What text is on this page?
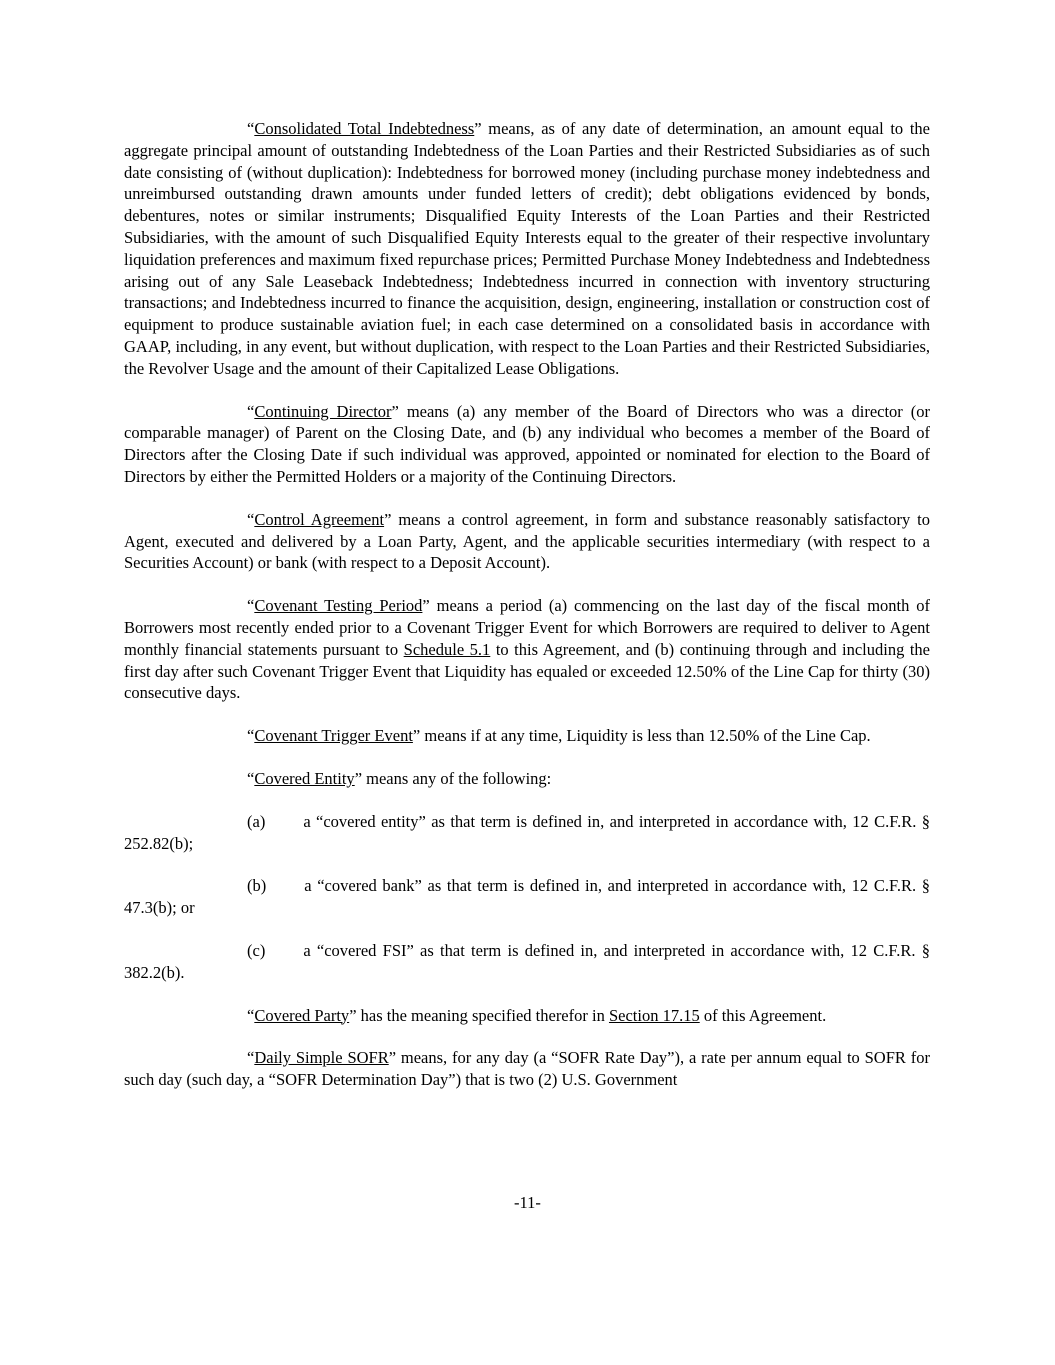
“Consolidated Total Indebtedness” means, as of any date of determination, an amount equal to the aggregate principal amount of outstanding Indebtedness of the Loan Parties and their Restricted Subsidiaries as of such date consisting of (without duplication): Indebtedness for borrowed money (including purchase money indebtedness and unreimbursed outstanding drawn amounts under funded letters of credit); debt obligations evidenced by bonds, debentures, notes or similar instruments; Disqualified Equity Interests of the Loan Parties and their Restricted Subsidiaries, with the amount of such Disqualified Equity Interests equal to the greater of their respective involuntary liquidation preferences and maximum fixed repurchase prices; Permitted Purchase Money Indebtedness and Indebtedness arising out of any Sale Leaseback Indebtedness; Indebtedness incurred in connection with inventory structuring transactions; and Indebtedness incurred to finance the acquisition, design, engineering, installation or construction cost of equipment to produce sustainable aviation fuel; in each case determined on a consolidated basis in accordance with GAAP, including, in any event, but without duplication, with respect to the Loan Parties and their Restricted Subsidiaries, the Revolver Usage and the amount of their Capitalized Lease Obligations.

“Continuing Director” means (a) any member of the Board of Directors who was a director (or comparable manager) of Parent on the Closing Date, and (b) any individual who becomes a member of the Board of Directors after the Closing Date if such individual was approved, appointed or nominated for election to the Board of Directors by either the Permitted Holders or a majority of the Continuing Directors.

“Control Agreement” means a control agreement, in form and substance reasonably satisfactory to Agent, executed and delivered by a Loan Party, Agent, and the applicable securities intermediary (with respect to a Securities Account) or bank (with respect to a Deposit Account).

“Covenant Testing Period” means a period (a) commencing on the last day of the fiscal month of Borrowers most recently ended prior to a Covenant Trigger Event for which Borrowers are required to deliver to Agent monthly financial statements pursuant to Schedule 5.1 to this Agreement, and (b) continuing through and including the first day after such Covenant Trigger Event that Liquidity has equaled or exceeded 12.50% of the Line Cap for thirty (30) consecutive days.

“Covenant Trigger Event” means if at any time, Liquidity is less than 12.50% of the Line Cap.

“Covered Entity” means any of the following:

(a) a “covered entity” as that term is defined in, and interpreted in accordance with, 12 C.F.R. § 252.82(b);

(b) a “covered bank” as that term is defined in, and interpreted in accordance with, 12 C.F.R. § 47.3(b); or

(c) a “covered FSI” as that term is defined in, and interpreted in accordance with, 12 C.F.R. § 382.2(b).

“Covered Party” has the meaning specified therefor in Section 17.15 of this Agreement.

“Daily Simple SOFR” means, for any day (a “SOFR Rate Day”), a rate per annum equal to SOFR for such day (such day, a “SOFR Determination Day”) that is two (2) U.S. Government

-11-
